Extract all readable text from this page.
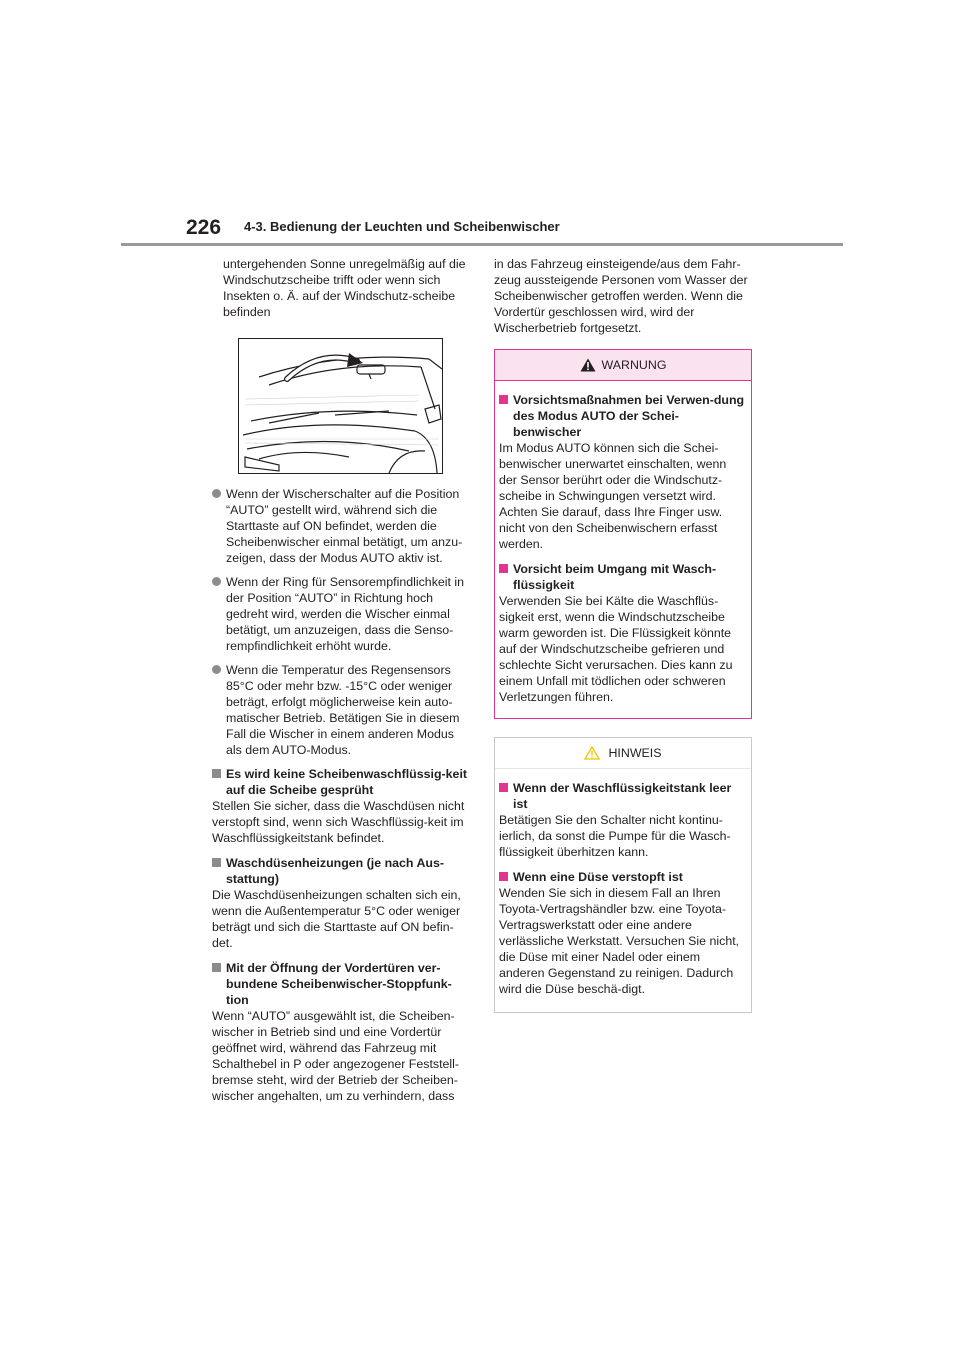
226 4-3. Bedienung der Leuchten und Scheibenwischer

untergehenden Sonne unregelmäßig auf die Windschutzscheibe trifft oder wenn sich Insekten o. Ä. auf der Windschutz-scheibe befinden

Wenn der Wischerschalter auf die Position “AUTO” gestellt wird, während sich die Starttaste auf ON befindet, werden die Scheibenwischer einmal betätigt, um anzu-zeigen, dass der Modus AUTO aktiv ist.

Wenn der Ring für Sensorempfindlichkeit in der Position “AUTO” in Richtung hoch gedreht wird, werden die Wischer einmal betätigt, um anzuzeigen, dass die Senso-rempfindlichkeit erhöht wurde.

Wenn die Temperatur des Regensensors 85°C oder mehr bzw. -15°C oder weniger beträgt, erfolgt möglicherweise kein auto-matischer Betrieb. Betätigen Sie in diesem Fall die Wischer in einem anderen Modus als dem AUTO-Modus.

Es wird keine Scheibenwaschflüssig-keit auf die Scheibe gesprüht

Stellen Sie sicher, dass die Waschdüsen nicht verstopft sind, wenn sich Waschflüssig-keit im Waschflüssigkeitstank befindet.

Waschdüsenheizungen (je nach Aus-stattung)

Die Waschdüsenheizungen schalten sich ein, wenn die Außentemperatur 5°C oder weniger beträgt und sich die Starttaste auf ON befin-det.

Mit der Öffnung der Vordertüren ver-bundene Scheibenwischer-Stoppfunk-tion

Wenn “AUTO” ausgewählt ist, die Scheiben-wischer in Betrieb sind und eine Vordertür geöffnet wird, während das Fahrzeug mit Schalthebel in P oder angezogener Feststell-bremse steht, wird der Betrieb der Scheiben-wischer angehalten, um zu verhindern, dass

in das Fahrzeug einsteigende/aus dem Fahr-zeug aussteigende Personen vom Wasser der Scheibenwischer getroffen werden. Wenn die Vordertür geschlossen wird, wird der Wischerbetrieb fortgesetzt.

WARNUNG
Vorsichtsmaßnahmen bei Verwen-dung des Modus AUTO der Schei-benwischer

Im Modus AUTO können sich die Schei-benwischer unerwartet einschalten, wenn der Sensor berührt oder die Windschutz-scheibe in Schwingungen versetzt wird. Achten Sie darauf, dass Ihre Finger usw. nicht von den Scheibenwischern erfasst werden.

Vorsicht beim Umgang mit Wasch-flüssigkeit

Verwenden Sie bei Kälte die Waschflüs-sigkeit erst, wenn die Windschutzscheibe warm geworden ist. Die Flüssigkeit könnte auf der Windschutzscheibe gefrieren und schlechte Sicht verursachen. Dies kann zu einem Unfall mit tödlichen oder schweren Verletzungen führen.

HINWEIS
Wenn der Waschflüssigkeitstank leer ist

Betätigen Sie den Schalter nicht kontinu-ierlich, da sonst die Pumpe für die Wasch-flüssigkeit überhitzen kann.

Wenn eine Düse verstopft ist

Wenden Sie sich in diesem Fall an Ihren Toyota-Vertragshändler bzw. eine Toyota-Vertragswerkstatt oder eine andere verlässliche Werkstatt. Versuchen Sie nicht, die Düse mit einer Nadel oder einem anderen Gegenstand zu reinigen. Dadurch wird die Düse beschä-digt.
